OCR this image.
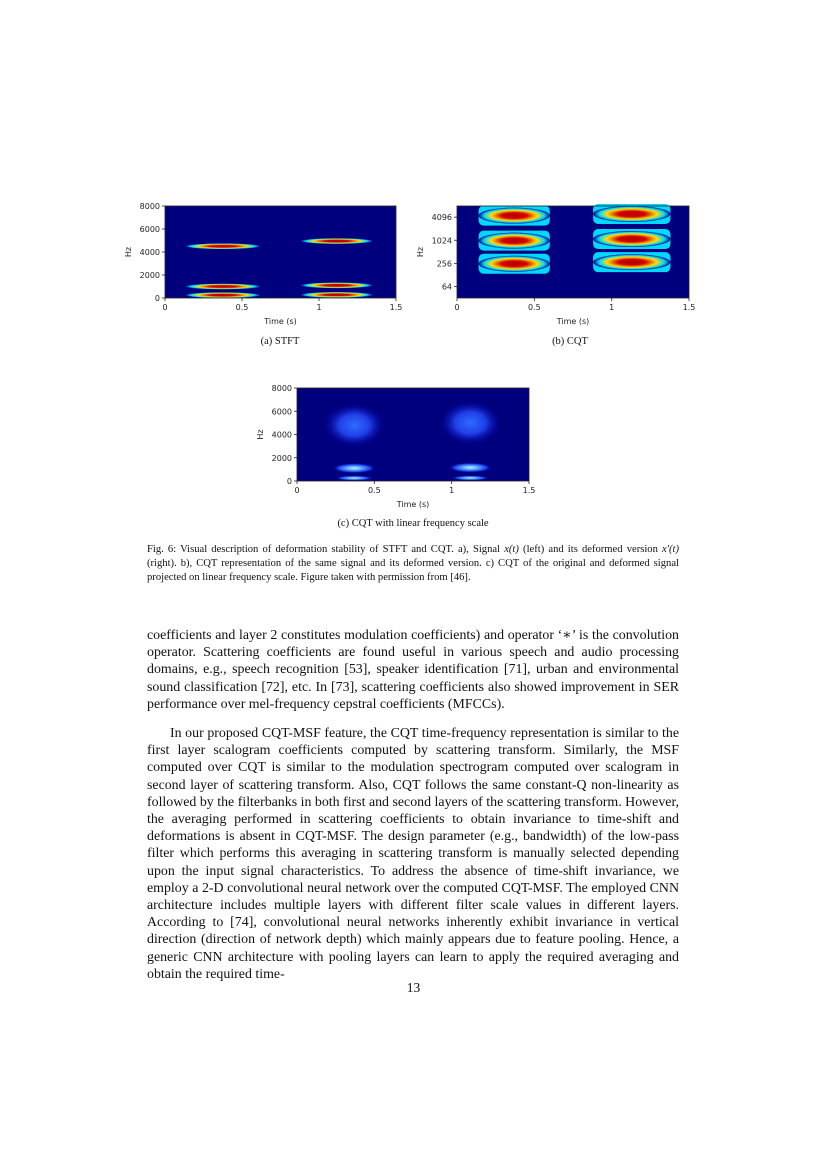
0	0.5	1	1.5
0
2000
4000
6000
8000
Time (s)
Hz
(a) STFT
0	0.5	1	1.5
64
256
1024
4096
Time (s)
Hz
(b) CQT
0	0.5	1	1.5
0
2000
4000
6000
8000
Time (s)
Hz
(c) CQT with linear frequency scale
Fig. 6: Visual description of deformation stability of STFT and CQT. a), Signal x(t) (left) and its deformed version x'(t) (right). b), CQT representation of the same signal and its deformed version. c) CQT of the original and deformed signal projected on linear frequency scale. Figure taken with permission from [46].

coefficients and layer 2 constitutes modulation coefficients) and operator ‘∗’ is the convolution operator. Scattering coefficients are found useful in various speech and audio processing domains, e.g., speech recognition [53], speaker identification [71], urban and environmental sound classification [72], etc. In [73], scattering coefficients also showed improvement in SER performance over mel-frequency cepstral coefficients (MFCCs).

In our proposed CQT-MSF feature, the CQT time-frequency representation is similar to the first layer scalogram coefficients computed by scattering transform. Similarly, the MSF computed over CQT is similar to the modulation spectrogram computed over scalogram in second layer of scattering transform. Also, CQT follows the same constant-Q non-linearity as followed by the filterbanks in both first and second layers of the scattering transform. However, the averaging performed in scattering coefficients to obtain invariance to time-shift and deformations is absent in CQT-MSF. The design parameter (e.g., bandwidth) of the low-pass filter which performs this averaging in scattering transform is manually selected depending upon the input signal characteristics. To address the absence of time-shift invariance, we employ a 2-D convolutional neural network over the computed CQT-MSF. The employed CNN architecture includes multiple layers with different filter scale values in different layers. According to [74], convolutional neural networks inherently exhibit invariance in vertical direction (direction of network depth) which mainly appears due to feature pooling. Hence, a generic CNN architecture with pooling layers can learn to apply the required averaging and obtain the required time-

13
